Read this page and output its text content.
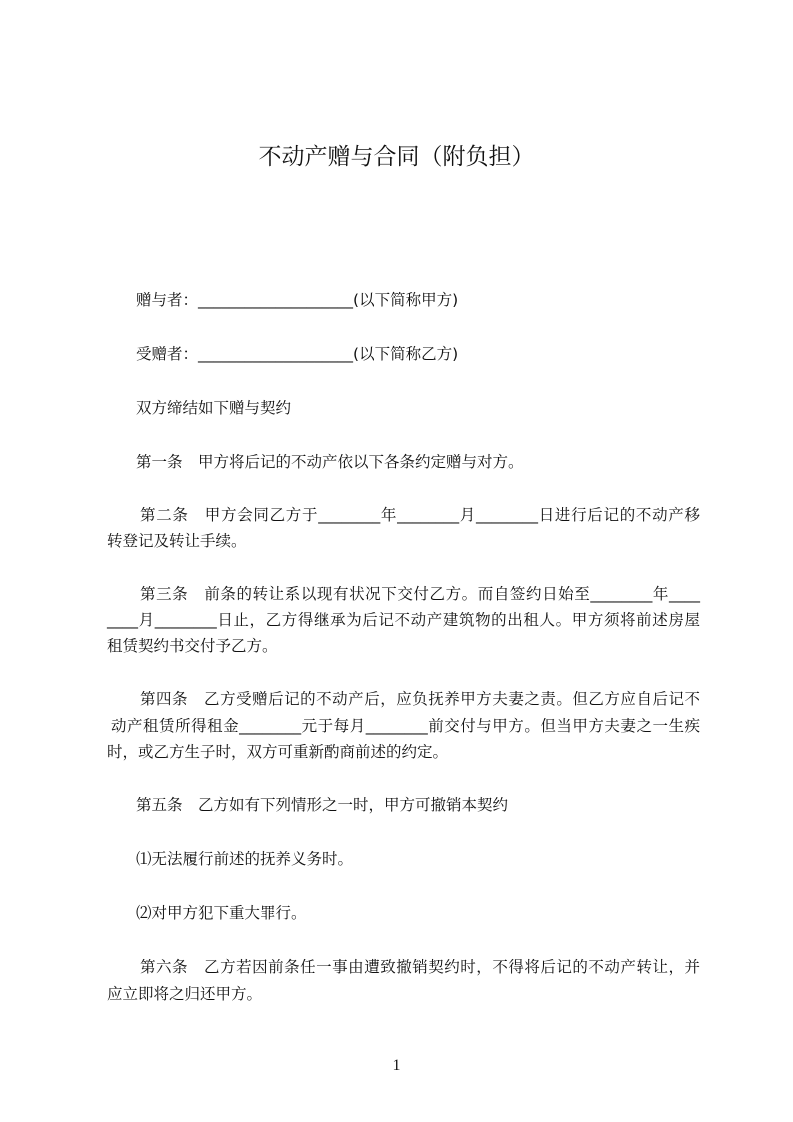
不动产赠与合同（附负担）
赠与者：____________________(以下简称甲方)
受赠者：____________________(以下简称乙方)
双方缔结如下赠与契约
第一条　甲方将后记的不动产依以下各条约定赠与对方。
第二条　甲方会同乙方于________年________月________日进行后记的不动产移
转登记及转让手续。
第三条　前条的转让系以现有状况下交付乙方。而自签约日始至________年____
____月________日止，乙方得继承为后记不动产建筑物的出租人。甲方须将前述房屋
租赁契约书交付予乙方。
第四条　乙方受赠后记的不动产后，应负抚养甲方夫妻之责。但乙方应自后记不
动产租赁所得租金________元于每月________前交付与甲方。但当甲方夫妻之一生疾
时，或乙方生子时，双方可重新酌商前述的约定。
第五条　乙方如有下列情形之一时，甲方可撤销本契约
⑴无法履行前述的抚养义务时。
⑵对甲方犯下重大罪行。
第六条　乙方若因前条任一事由遭致撤销契约时，不得将后记的不动产转让，并
应立即将之归还甲方。
1
